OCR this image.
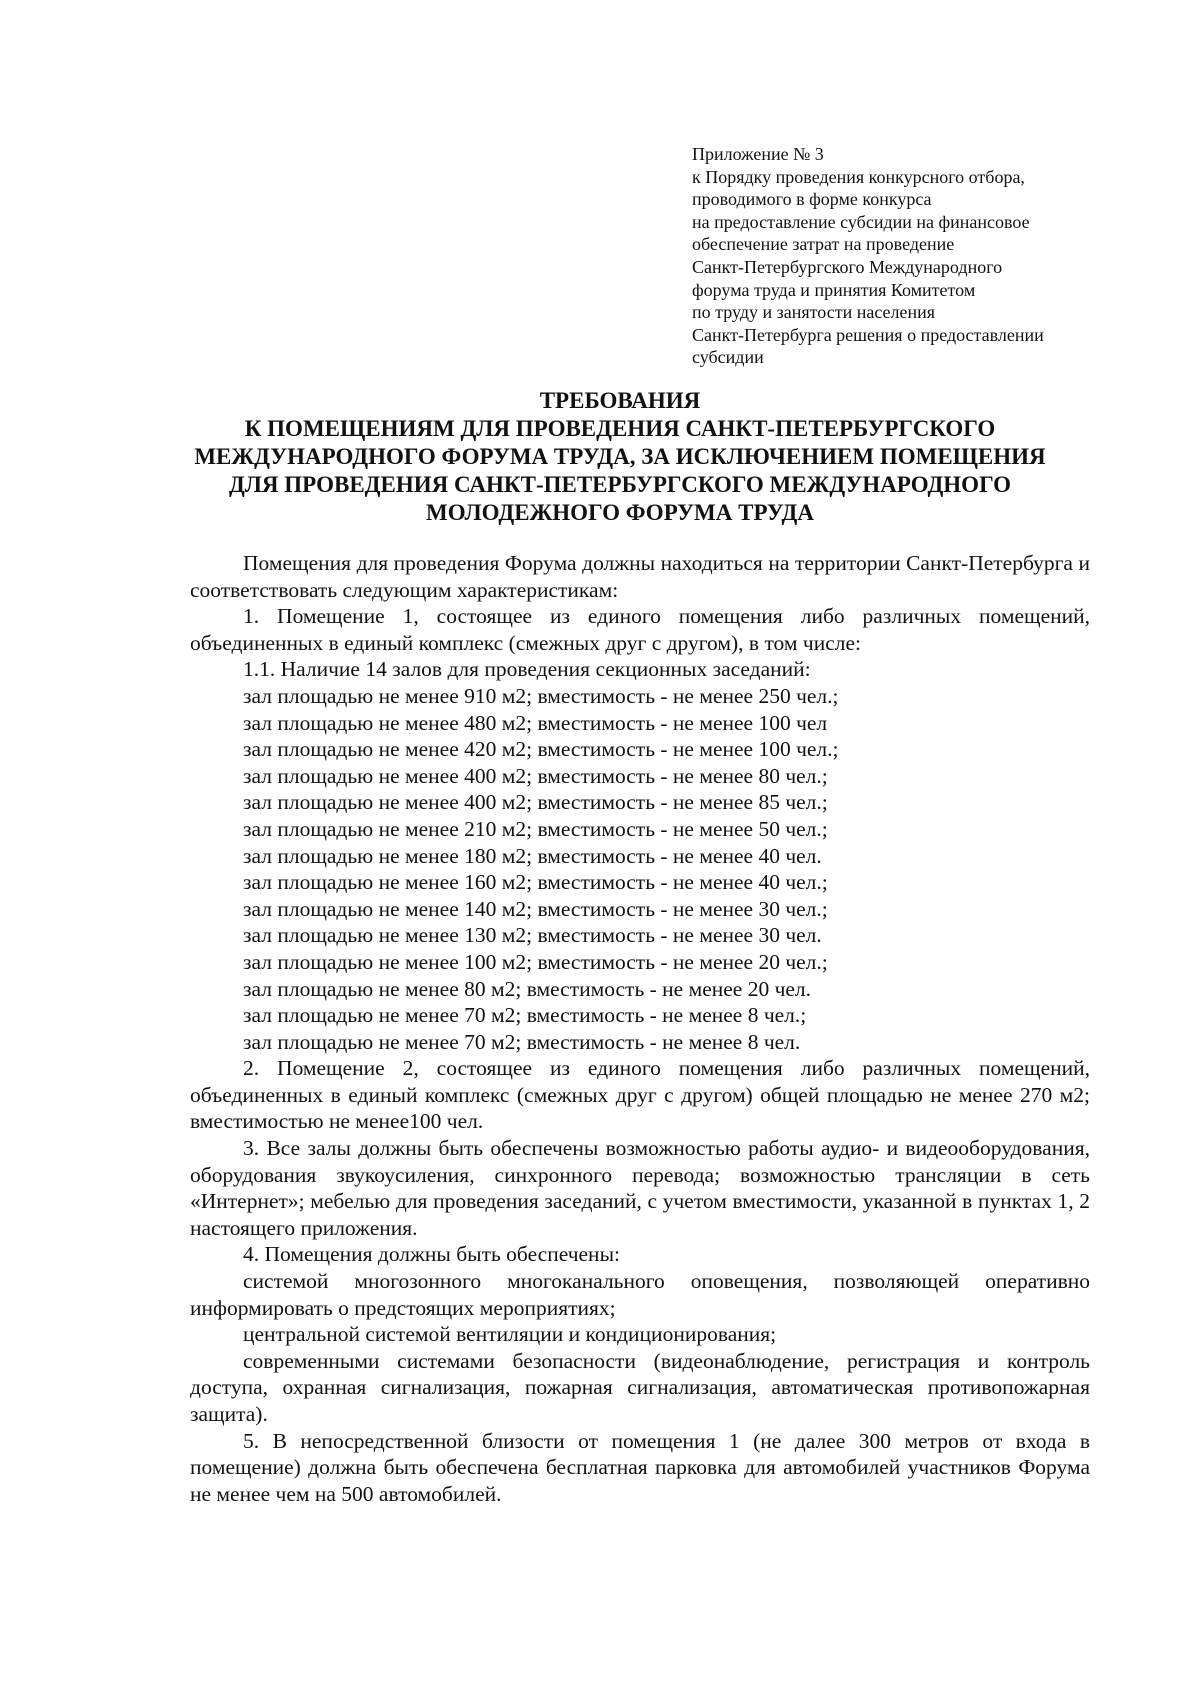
Приложение № 3
к Порядку проведения конкурсного отбора,
проводимого в форме конкурса
на предоставление субсидии на финансовое
обеспечение затрат на проведение
Санкт-Петербургского Международного
форума труда и принятия Комитетом
по труду и занятости населения
Санкт-Петербурга решения о предоставлении
субсидии
ТРЕБОВАНИЯ
К ПОМЕЩЕНИЯМ ДЛЯ ПРОВЕДЕНИЯ САНКТ-ПЕТЕРБУРГСКОГО
МЕЖДУНАРОДНОГО ФОРУМА ТРУДА, ЗА ИСКЛЮЧЕНИЕМ ПОМЕЩЕНИЯ
ДЛЯ ПРОВЕДЕНИЯ САНКТ-ПЕТЕРБУРГСКОГО МЕЖДУНАРОДНОГО
МОЛОДЕЖНОГО ФОРУМА ТРУДА

Помещения для проведения Форума должны находиться на территории Санкт-Петербурга и соответствовать следующим характеристикам:

1. Помещение 1, состоящее из единого помещения либо различных помещений, объединенных в единый комплекс (смежных друг с другом), в том числе:

1.1. Наличие 14 залов для проведения секционных заседаний:
зал площадью не менее 910 м2; вместимость - не менее 250 чел.;
зал площадью не менее 480 м2; вместимость - не менее 100 чел
зал площадью не менее 420 м2; вместимость - не менее 100 чел.;
зал площадью не менее 400 м2; вместимость - не менее 80 чел.;
зал площадью не менее 400 м2; вместимость - не менее 85 чел.;
зал площадью не менее 210 м2; вместимость - не менее 50 чел.;
зал площадью не менее 180 м2; вместимость - не менее 40 чел.
зал площадью не менее 160 м2; вместимость - не менее 40 чел.;
зал площадью не менее 140 м2; вместимость - не менее 30 чел.;
зал площадью не менее 130 м2; вместимость - не менее 30 чел.
зал площадью не менее 100 м2; вместимость - не менее 20 чел.;
зал площадью не менее 80 м2; вместимость - не менее 20 чел.
зал площадью не менее 70 м2; вместимость - не менее 8 чел.;
зал площадью не менее 70 м2; вместимость - не менее 8 чел.

2. Помещение 2, состоящее из единого помещения либо различных помещений, объединенных в единый комплекс (смежных друг с другом) общей площадью не менее 270 м2; вместимостью не менее100 чел.

3. Все залы должны быть обеспечены возможностью работы аудио- и видеооборудования, оборудования звукоусиления, синхронного перевода; возможностью трансляции в сеть «Интернет»; мебелью для проведения заседаний, с учетом вместимости, указанной в пунктах 1, 2 настоящего приложения.

4. Помещения должны быть обеспечены:

системой многозонного многоканального оповещения, позволяющей оперативно информировать о предстоящих мероприятиях;

центральной системой вентиляции и кондиционирования;

современными системами безопасности (видеонаблюдение, регистрация и контроль доступа, охранная сигнализация, пожарная сигнализация, автоматическая противопожарная защита).

5. В непосредственной близости от помещения 1 (не далее 300 метров от входа в помещение) должна быть обеспечена бесплатная парковка для автомобилей участников Форума не менее чем на 500 автомобилей.
